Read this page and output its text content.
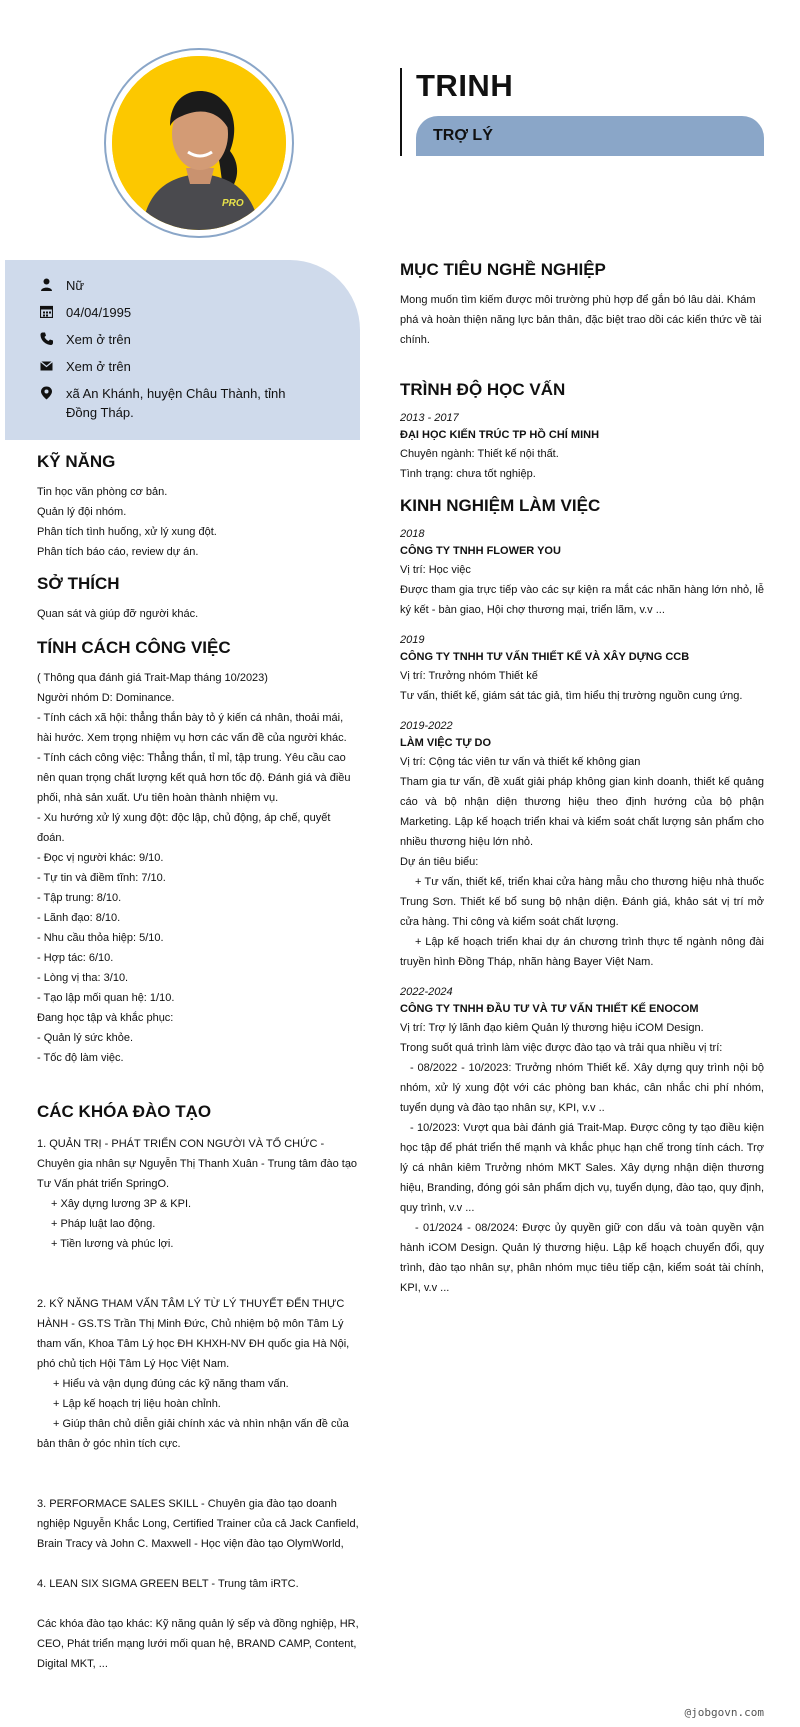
PRO
TRINH
TRỢ LÝ
Nữ
04/04/1995
Xem ở trên
Xem ở trên
xã An Khánh, huyện Châu Thành, tỉnh Đồng Tháp.
KỸ NĂNG

Tin học văn phòng cơ bản.

Quản lý đội nhóm.

Phân tích tình huống, xử lý xung đột.

Phân tích báo cáo, review dự án.

SỞ THÍCH

Quan sát và giúp đỡ người khác.

TÍNH CÁCH CÔNG VIỆC

( Thông qua đánh giá Trait-Map tháng 10/2023)

Người nhóm D: Dominance.

- Tính cách xã hội: thẳng thắn bày tỏ ý kiến cá nhân, thoải mái, hài hước. Xem trọng nhiệm vụ hơn các vấn đề của người khác.

- Tính cách công việc: Thẳng thắn, tỉ mỉ, tập trung. Yêu cầu cao nên quan trọng chất lượng kết quả hơn tốc độ. Đánh giá và điều phối, nhà sản xuất. Ưu tiên hoàn thành nhiệm vụ.

- Xu hướng xử lý xung đột: độc lập, chủ động, áp chế, quyết đoán.

- Đọc vị người khác: 9/10.

- Tự tin và điềm tĩnh: 7/10.

- Tập trung: 8/10.

- Lãnh đạo: 8/10.

- Nhu cầu thỏa hiệp: 5/10.

- Hợp tác: 6/10.

- Lòng vị tha: 3/10.

- Tạo lập mối quan hệ: 1/10.

Đang học tập và khắc phục:

- Quản lý sức khỏe.

- Tốc độ làm việc.

CÁC KHÓA ĐÀO TẠO

1. QUẢN TRỊ - PHÁT TRIỂN CON NGƯỜI VÀ TỔ CHỨC - Chuyên gia nhân sự Nguyễn Thị Thanh Xuân - Trung tâm đào tạo Tư Vấn phát triển SpringO.

+ Xây dựng lương 3P & KPI.

+ Pháp luật lao động.

+ Tiền lương và phúc lợi.

2. KỸ NĂNG THAM VẤN TÂM LÝ TỪ LÝ THUYẾT ĐẾN THỰC HÀNH - GS.TS Trần Thị Minh Đức, Chủ nhiệm bộ môn Tâm Lý tham vấn, Khoa Tâm Lý học ĐH KHXH-NV ĐH quốc gia Hà Nội, phó chủ tịch Hội Tâm Lý Học Việt Nam.

+ Hiểu và vận dụng đúng các kỹ năng tham vấn.

+ Lập kế hoạch trị liệu hoàn chỉnh.

+ Giúp thân chủ diễn giải chính xác và nhìn nhận vấn đề của bản thân ở góc nhìn tích cực.

3. PERFORMACE SALES SKILL - Chuyên gia đào tạo doanh nghiệp Nguyễn Khắc Long, Certified Trainer của cả Jack Canfield, Brain Tracy và John C. Maxwell - Học viện đào tạo OlymWorld,

4. LEAN SIX SIGMA GREEN BELT - Trung tâm iRTC.

Các khóa đào tạo khác: Kỹ năng quản lý sếp và đồng nghiệp, HR, CEO, Phát triển mạng lưới mối quan hệ, BRAND CAMP, Content, Digital MKT, ...

MỤC TIÊU NGHỀ NGHIỆP

Mong muốn tìm kiếm được môi trường phù hợp để gắn bó lâu dài. Khám phá và hoàn thiện năng lực bản thân, đặc biệt trao dồi các kiến thức về tài chính.

TRÌNH ĐỘ HỌC VẤN

2013 - 2017

ĐẠI HỌC KIẾN TRÚC TP HỒ CHÍ MINH

Chuyên ngành: Thiết kế nội thất.

Tình trạng: chưa tốt nghiệp.

KINH NGHIỆM LÀM VIỆC

2018

CÔNG TY TNHH FLOWER YOU

Vị trí: Học việc

Được tham gia trực tiếp vào các sự kiện ra mắt các nhãn hàng lớn nhỏ, lễ ký kết - bàn giao, Hội chợ thương mại, triển lãm, v.v ...

2019

CÔNG TY TNHH TƯ VẤN THIẾT KẾ VÀ XÂY DỰNG CCB

Vị trí: Trưởng nhóm Thiết kế

Tư vấn, thiết kế, giám sát tác giả, tìm hiểu thị trường nguồn cung ứng.

2019-2022

LÀM VIỆC TỰ DO

Vị trí: Cộng tác viên tư vấn và thiết kế không gian

Tham gia tư vấn, đề xuất giải pháp không gian kinh doanh, thiết kế quảng cáo và bộ nhận diện thương hiệu theo định hướng của bộ phận Marketing. Lập kế hoạch triển khai và kiểm soát chất lượng sản phẩm cho nhiều thương hiệu lớn nhỏ.

Dự án tiêu biểu:

+ Tư vấn, thiết kế, triển khai cửa hàng mẫu cho thương hiệu nhà thuốc Trung Sơn. Thiết kế bổ sung bộ nhận diện. Đánh giá, khảo sát vị trí mở cửa hàng. Thi công và kiểm soát chất lượng.

+ Lập kế hoạch triển khai dự án chương trình thực tế ngành nông đài truyền hình Đồng Tháp, nhãn hàng Bayer Việt Nam.

2022-2024

CÔNG TY TNHH ĐẦU TƯ VÀ TƯ VẤN THIẾT KẾ ENOCOM

Vị trí: Trợ lý lãnh đạo kiêm Quản lý thương hiệu iCOM Design.

Trong suốt quá trình làm việc được đào tạo và trải qua nhiều vị trí:

- 08/2022 - 10/2023: Trưởng nhóm Thiết kế. Xây dựng quy trình nội bộ nhóm, xử lý xung đột với các phòng ban khác, cân nhắc chi phí nhóm, tuyển dụng và đào tạo nhân sự, KPI, v.v ..

- 10/2023: Vượt qua bài đánh giá Trait-Map. Được công ty tạo điều kiện học tập để phát triển thế mạnh và khắc phục hạn chế trong tính cách. Trợ lý cá nhân kiêm Trưởng nhóm MKT Sales. Xây dựng nhận diện thương hiệu, Branding, đóng gói sản phẩm dịch vụ, tuyển dụng, đào tạo, quy định, quy trình, v.v ...

- 01/2024 - 08/2024: Được ủy quyền giữ con dấu và toàn quyền vận hành iCOM Design. Quản lý thương hiệu. Lập kế hoạch chuyển đổi, quy trình, đào tạo nhân sự, phân nhóm mục tiêu tiếp cận, kiểm soát tài chính, KPI, v.v ...

@jobgovn.com
